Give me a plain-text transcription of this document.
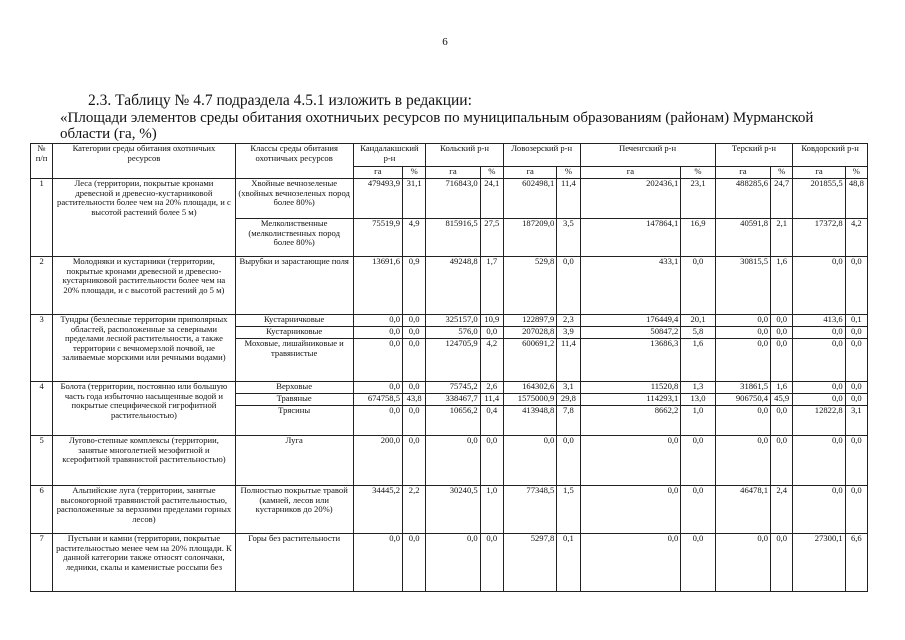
6
2.3. Таблицу № 4.7 подраздела 4.5.1 изложить в редакции:
«Площади элементов среды обитания охотничьих ресурсов по муниципальным образованиям (районам) Мурманской области (га, %)
№ п/п	Категории среды обитания охотничьих ресурсов	Классы среды обитания охотничьих ресурсов	Кандалакшский р-н		Кольский р-н		Ловозерский р-н		Печенгский р-н		Терский р-н		Ковдорский р-н	
			га	%	га	%	га	%	га	%	га	%	га	%
1	Леса (территории, покрытые кронами древесной и древесно-кустарниковой растительности более чем на 20% площади, и с высотой растений более 5 м)	Хвойные вечнозеленые (хвойных вечнозеленых пород более 80%)	479493,9	31,1	716843,0	24,1	602498,1	11,4	202436,1	23,1	488285,6	24,7	201855,5	48,8
		Мелколиственные (мелколиственных пород более 80%)	75519,9	4,9	815916,5	27,5	187209,0	3,5	147864,1	16,9	40591,8	2,1	17372,8	4,2
2	Молодняки и кустарники (территории, покрытые кронами древесной и древесно-кустарниковой растительности более чем на 20% площади, и с высотой растений до 5 м)	Вырубки и зарастающие поля	13691,6	0,9	49248,8	1,7	529,8	0,0	433,1	0,0	30815,5	1,6	0,0	0,0
3	Тундры (безлесные территории приполярных областей, расположенные за северными пределами лесной растительности, а также территории с вечномерзлой почвой, не заливаемые морскими или речными водами)	Кустарничковые	0,0	0,0	325157,0	10,9	122897,9	2,3	176449,4	20,1	0,0	0,0	413,6	0,1
		Кустарниковые	0,0	0,0	576,0	0,0	207028,8	3,9	50847,2	5,8	0,0	0,0	0,0	0,0
		Моховые, лишайниковые и травянистые	0,0	0,0	124705,9	4,2	600691,2	11,4	13686,3	1,6	0,0	0,0	0,0	0,0
4	Болота (территории, постоянно или большую часть года избыточно насыщенные водой и покрытые специфической гигрофитной растительностью)	Верховые	0,0	0,0	75745,2	2,6	164302,6	3,1	11520,8	1,3	31861,5	1,6	0,0	0,0
		Травяные	674758,5	43,8	338467,7	11,4	1575000,9	29,8	114293,1	13,0	906750,4	45,9	0,0	0,0
		Трясины	0,0	0,0	10656,2	0,4	413948,8	7,8	8662,2	1,0	0,0	0,0	12822,8	3,1
5	Лугово-степные комплексы (территории, занятые многолетней мезофитной и ксерофитной травянистой растительностью)	Луга	200,0	0,0	0,0	0,0	0,0	0,0	0,0	0,0	0,0	0,0	0,0	0,0
6	Альпийские луга (территории, занятые высокогорной травянистой растительностью, расположенные за верхними пределами горных лесов)	Полностью покрытые травой (камней, лесов или кустарников до 20%)	34445,2	2,2	30240,5	1,0	77348,5	1,5	0,0	0,0	46478,1	2,4	0,0	0,0
7	Пустыни и камни (территории, покрытые растительностью менее чем на 20% площади. К данной категории также относят солончаки, ледники, скалы и каменистые россыпи без	Горы без растительности	0,0	0,0	0,0	0,0	5297,8	0,1	0,0	0,0	0,0	0,0	27300,1	6,6
